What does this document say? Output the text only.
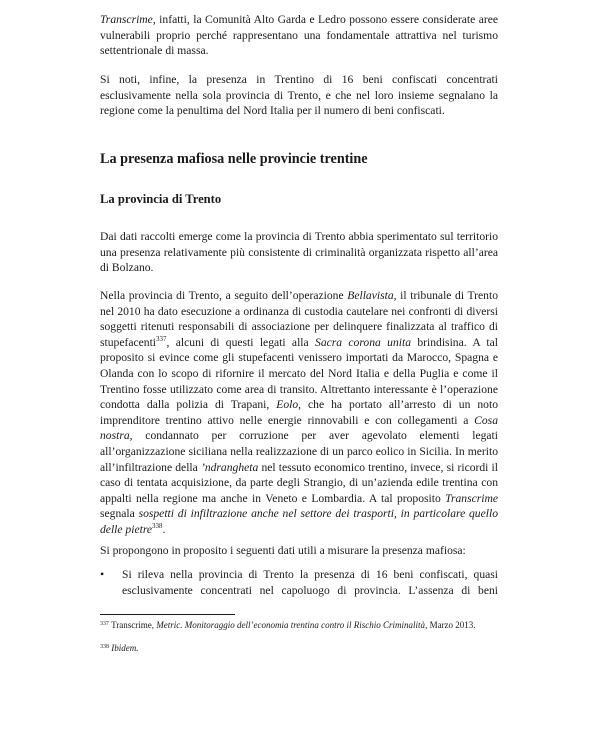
Transcrime, infatti, la Comunità Alto Garda e Ledro possono essere considerate aree vulnerabili proprio perché rappresentano una fondamentale attrattiva nel turismo settentrionale di massa.

Si noti, infine, la presenza in Trentino di 16 beni confiscati concentrati esclusivamente nella sola provincia di Trento, e che nel loro insieme segnalano la regione come la penultima del Nord Italia per il numero di beni confiscati.

La presenza mafiosa nelle provincie trentine
La provincia di Trento

Dai dati raccolti emerge come la provincia di Trento abbia sperimentato sul territorio una presenza relativamente più consistente di criminalità organizzata rispetto all’area di Bolzano.

Nella provincia di Trento, a seguito dell’operazione Bellavista, il tribunale di Trento nel 2010 ha dato esecuzione a ordinanza di custodia cautelare nei confronti di diversi soggetti ritenuti responsabili di associazione per delinquere finalizzata al traffico di stupefacenti$^{337}$, alcuni di questi legati alla Sacra corona unita brindisina. A tal proposito si evince come gli stupefacenti venissero importati da Marocco, Spagna e Olanda con lo scopo di rifornire il mercato del Nord Italia e della Puglia e come il Trentino fosse utilizzato come area di transito. Altrettanto interessante è l’operazione condotta dalla polizia di Trapani, Eolo, che ha portato all’arresto di un noto imprenditore trentino attivo nelle energie rinnovabili e con collegamenti a Cosa nostra, condannato per corruzione per aver agevolato elementi legati all’organizzazione siciliana nella realizzazione di un parco eolico in Sicilia. In merito all’infiltrazione della ’ndrangheta nel tessuto economico trentino, invece, si ricordi il caso di tentata acquisizione, da parte degli Strangio, di un’azienda edile trentina con appalti nella regione ma anche in Veneto e Lombardia. A tal proposito Transcrime segnala sospetti di infiltrazione anche nel settore dei trasporti, in particolare quello delle pietre$^{338}$.

Si propongono in proposito i seguenti dati utili a misurare la presenza mafiosa:

• Si rileva nella provincia di Trento la presenza di 16 beni confiscati, quasi esclusivamente concentrati nel capoluogo di provincia. L’assenza di beni

$^{337}$ Transcrime, Metric. Monitoraggio dell’economia trentina contro il Rischio Criminalità, Marzo 2013.

$^{338}$ Ibidem.
